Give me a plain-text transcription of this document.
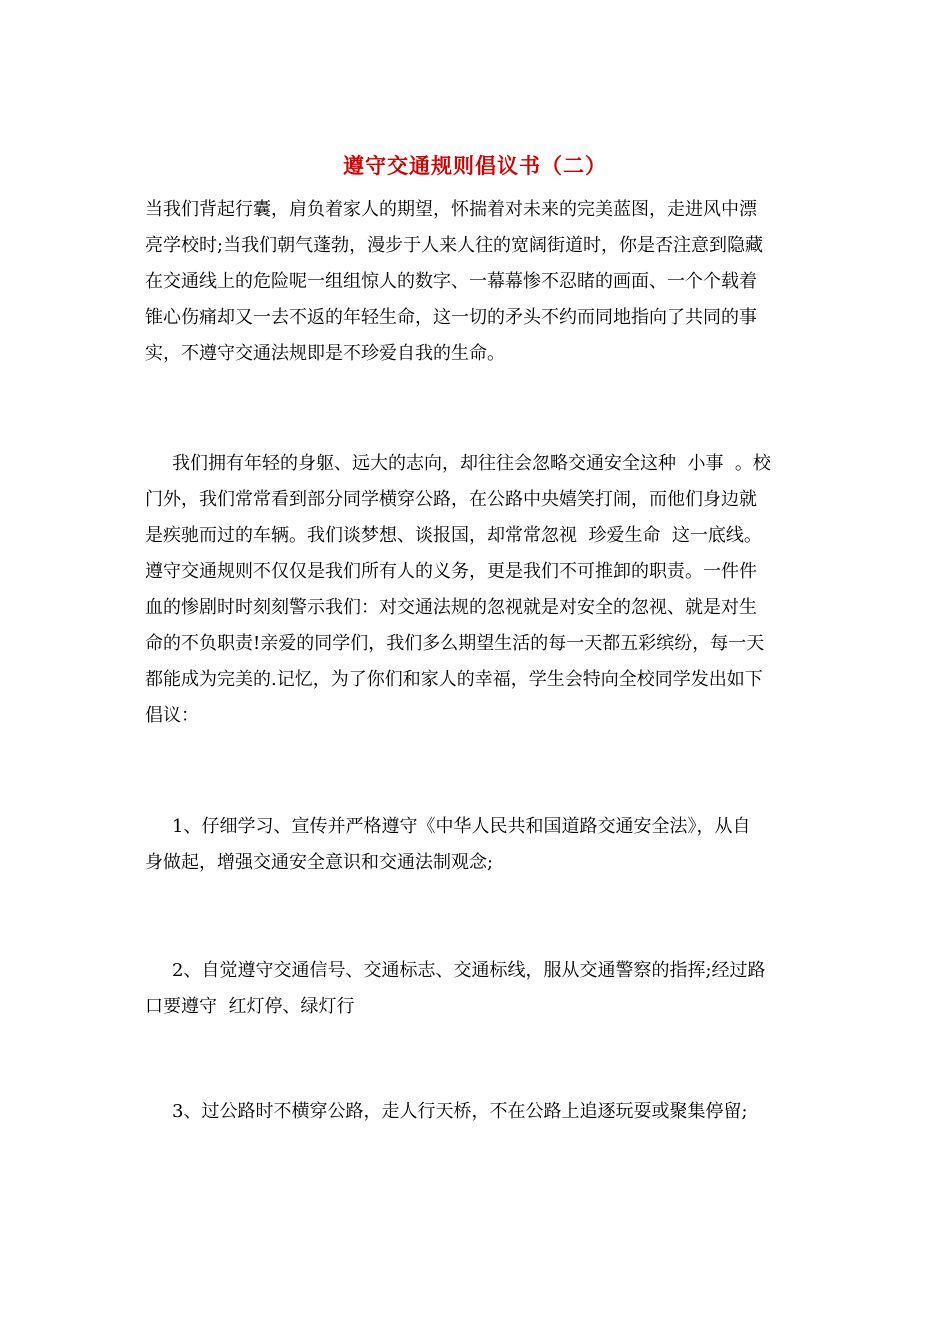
遵守交通规则倡议书（二）
当我们背起行囊，肩负着家人的期望，怀揣着对未来的完美蓝图，走进风中漂
亮学校时;当我们朝气蓬勃，漫步于人来人往的宽阔街道时，你是否注意到隐藏
在交通线上的危险呢一组组惊人的数字、一幕幕惨不忍睹的画面、一个个载着
锥心伤痛却又一去不返的年轻生命，这一切的矛头不约而同地指向了共同的事
实，不遵守交通法规即是不珍爱自我的生命。
我们拥有年轻的身躯、远大的志向，却往往会忽略交通安全这种  小事  。校
门外，我们常常看到部分同学横穿公路，在公路中央嬉笑打闹，而他们身边就
是疾驰而过的车辆。我们谈梦想、谈报国，却常常忽视  珍爱生命  这一底线。
遵守交通规则不仅仅是我们所有人的义务，更是我们不可推卸的职责。一件件
血的惨剧时时刻刻警示我们：对交通法规的忽视就是对安全的忽视、就是对生
命的不负职责!亲爱的同学们，我们多么期望生活的每一天都五彩缤纷，每一天
都能成为完美的.记忆，为了你们和家人的幸福，学生会特向全校同学发出如下
倡议：
1、仔细学习、宣传并严格遵守《中华人民共和国道路交通安全法》，从自
身做起，增强交通安全意识和交通法制观念;
2、自觉遵守交通信号、交通标志、交通标线，服从交通警察的指挥;经过路
口要遵守  红灯停、绿灯行
3、过公路时不横穿公路，走人行天桥，不在公路上追逐玩耍或聚集停留;
